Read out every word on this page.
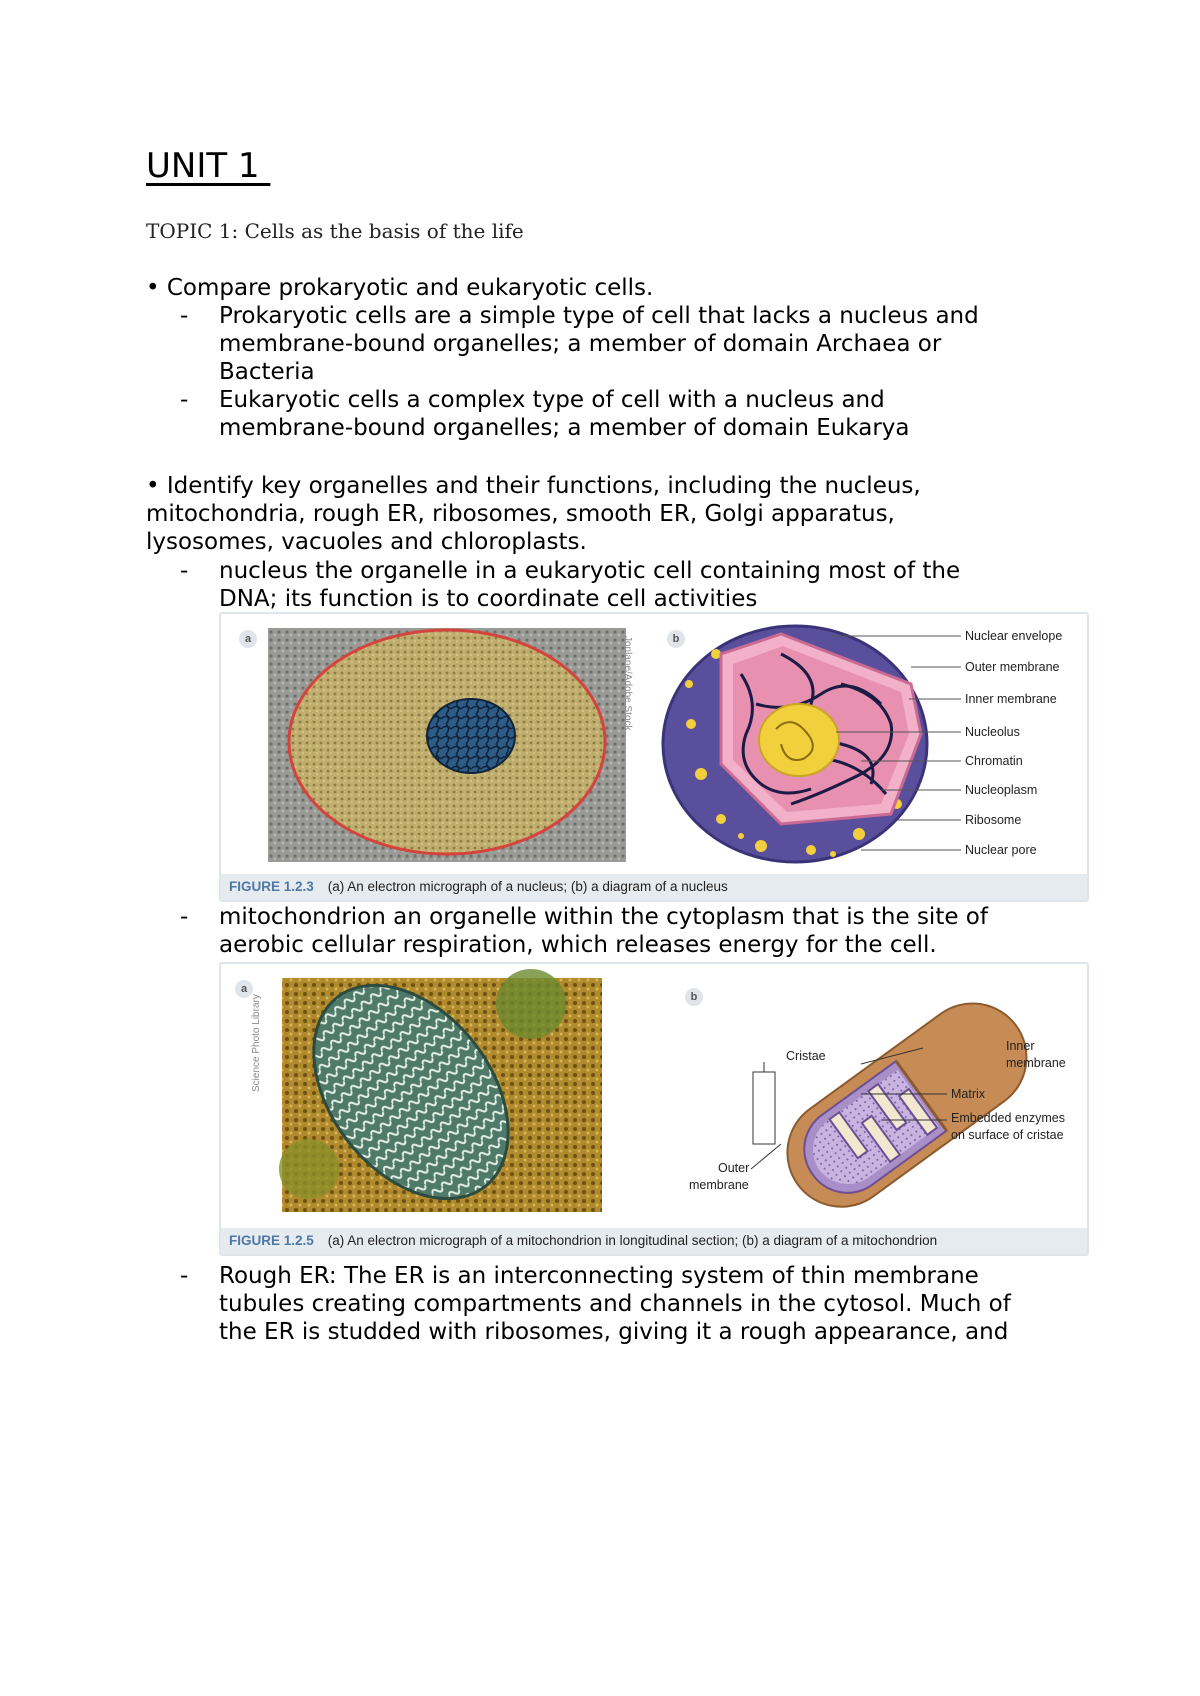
UNIT 1
TOPIC 1: Cells as the basis of the life
• Compare prokaryotic and eukaryotic cells.
- Prokaryotic cells are a simple type of cell that lacks a nucleus and
membrane-bound organelles; a member of domain Archaea or
Bacteria
- Eukaryotic cells a complex type of cell with a nucleus and
membrane-bound organelles; a member of domain Eukarya
• Identify key organelles and their functions, including the nucleus,
mitochondria, rough ER, ribosomes, smooth ER, Golgi apparatus,
lysosomes, vacuoles and chloroplasts.
- nucleus the organelle in a eukaryotic cell containing most of the
DNA; its function is to coordinate cell activities
a	b
Jonlane/Adobe Stock	Nuclear envelope
Outer membrane
Inner membrane
Nucleolus
Chromatin
Nucleoplasm
Ribosome
Nuclear pore
FIGURE 1.2.3 (a) An electron micrograph of a nucleus; (b) a diagram of a nucleus
- mitochondrion an organelle within the cytoplasm that is the site of
aerobic cellular respiration, which releases energy for the cell.
a
b
Science Photo Library	Cristae
Inner
membrane
Matrix
Embedded enzymes
on surface of cristae
Outer
membrane
FIGURE 1.2.5 (a) An electron micrograph of a mitochondrion in longitudinal section; (b) a diagram of a mitochondrion
- Rough ER: The ER is an interconnecting system of thin membrane
tubules creating compartments and channels in the cytosol. Much of
the ER is studded with ribosomes, giving it a rough appearance, and
